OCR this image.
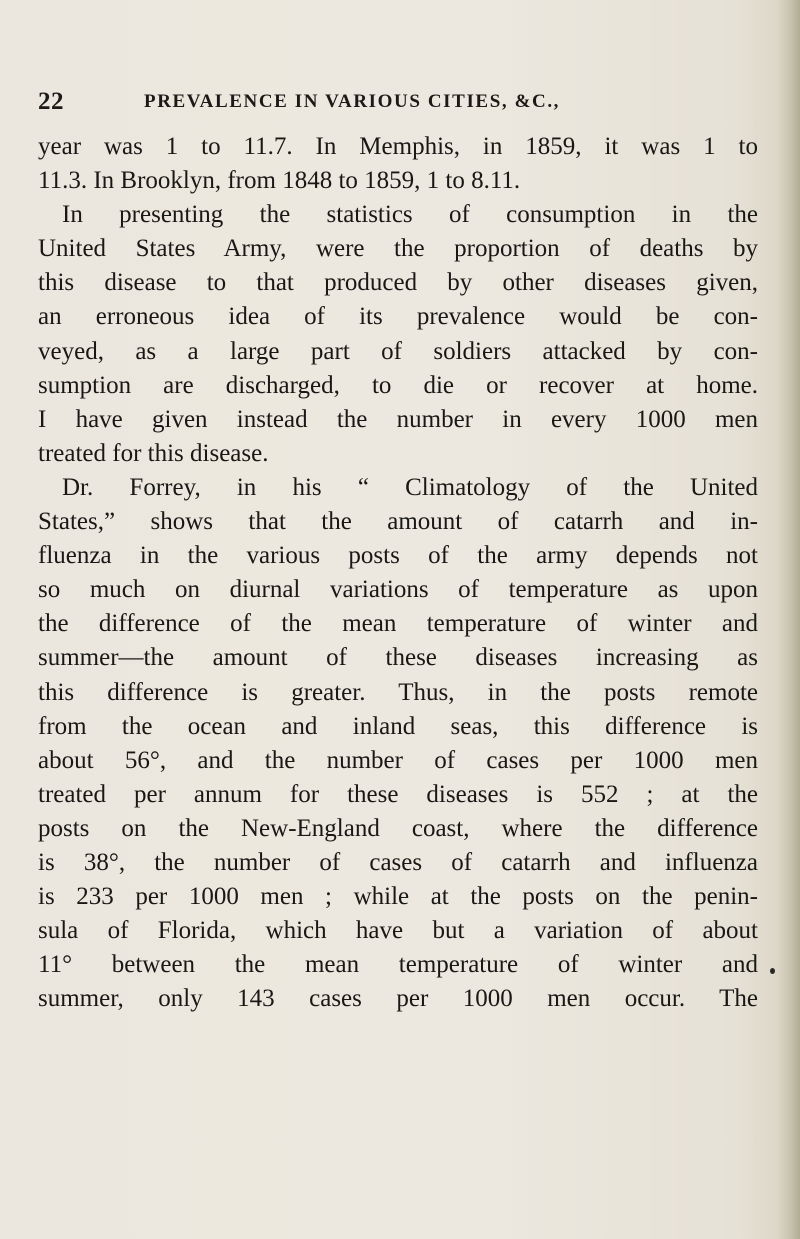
22	PREVALENCE IN VARIOUS CITIES, &C.,
year was 1 to 11.7. In Memphis, in 1859, it was 1 to
11.3. In Brooklyn, from 1848 to 1859, 1 to 8.11.
In presenting the statistics of consumption in the
United States Army, were the proportion of deaths by
this disease to that produced by other diseases given,
an erroneous idea of its prevalence would be con-
veyed, as a large part of soldiers attacked by con-
sumption are discharged, to die or recover at home.
I have given instead the number in every 1000 men
treated for this disease.
Dr. Forrey, in his “ Climatology of the United
States,” shows that the amount of catarrh and in-
fluenza in the various posts of the army depends not
so much on diurnal variations of temperature as upon
the difference of the mean temperature of winter and
summer—the amount of these diseases increasing as
this difference is greater. Thus, in the posts remote
from the ocean and inland seas, this difference is
about 56°, and the number of cases per 1000 men
treated per annum for these diseases is 552 ; at the
posts on the New-England coast, where the difference
is 38°, the number of cases of catarrh and influenza
is 233 per 1000 men ; while at the posts on the penin-
sula of Florida, which have but a variation of about
11° between the mean temperature of winter and
summer, only 143 cases per 1000 men occur. The
